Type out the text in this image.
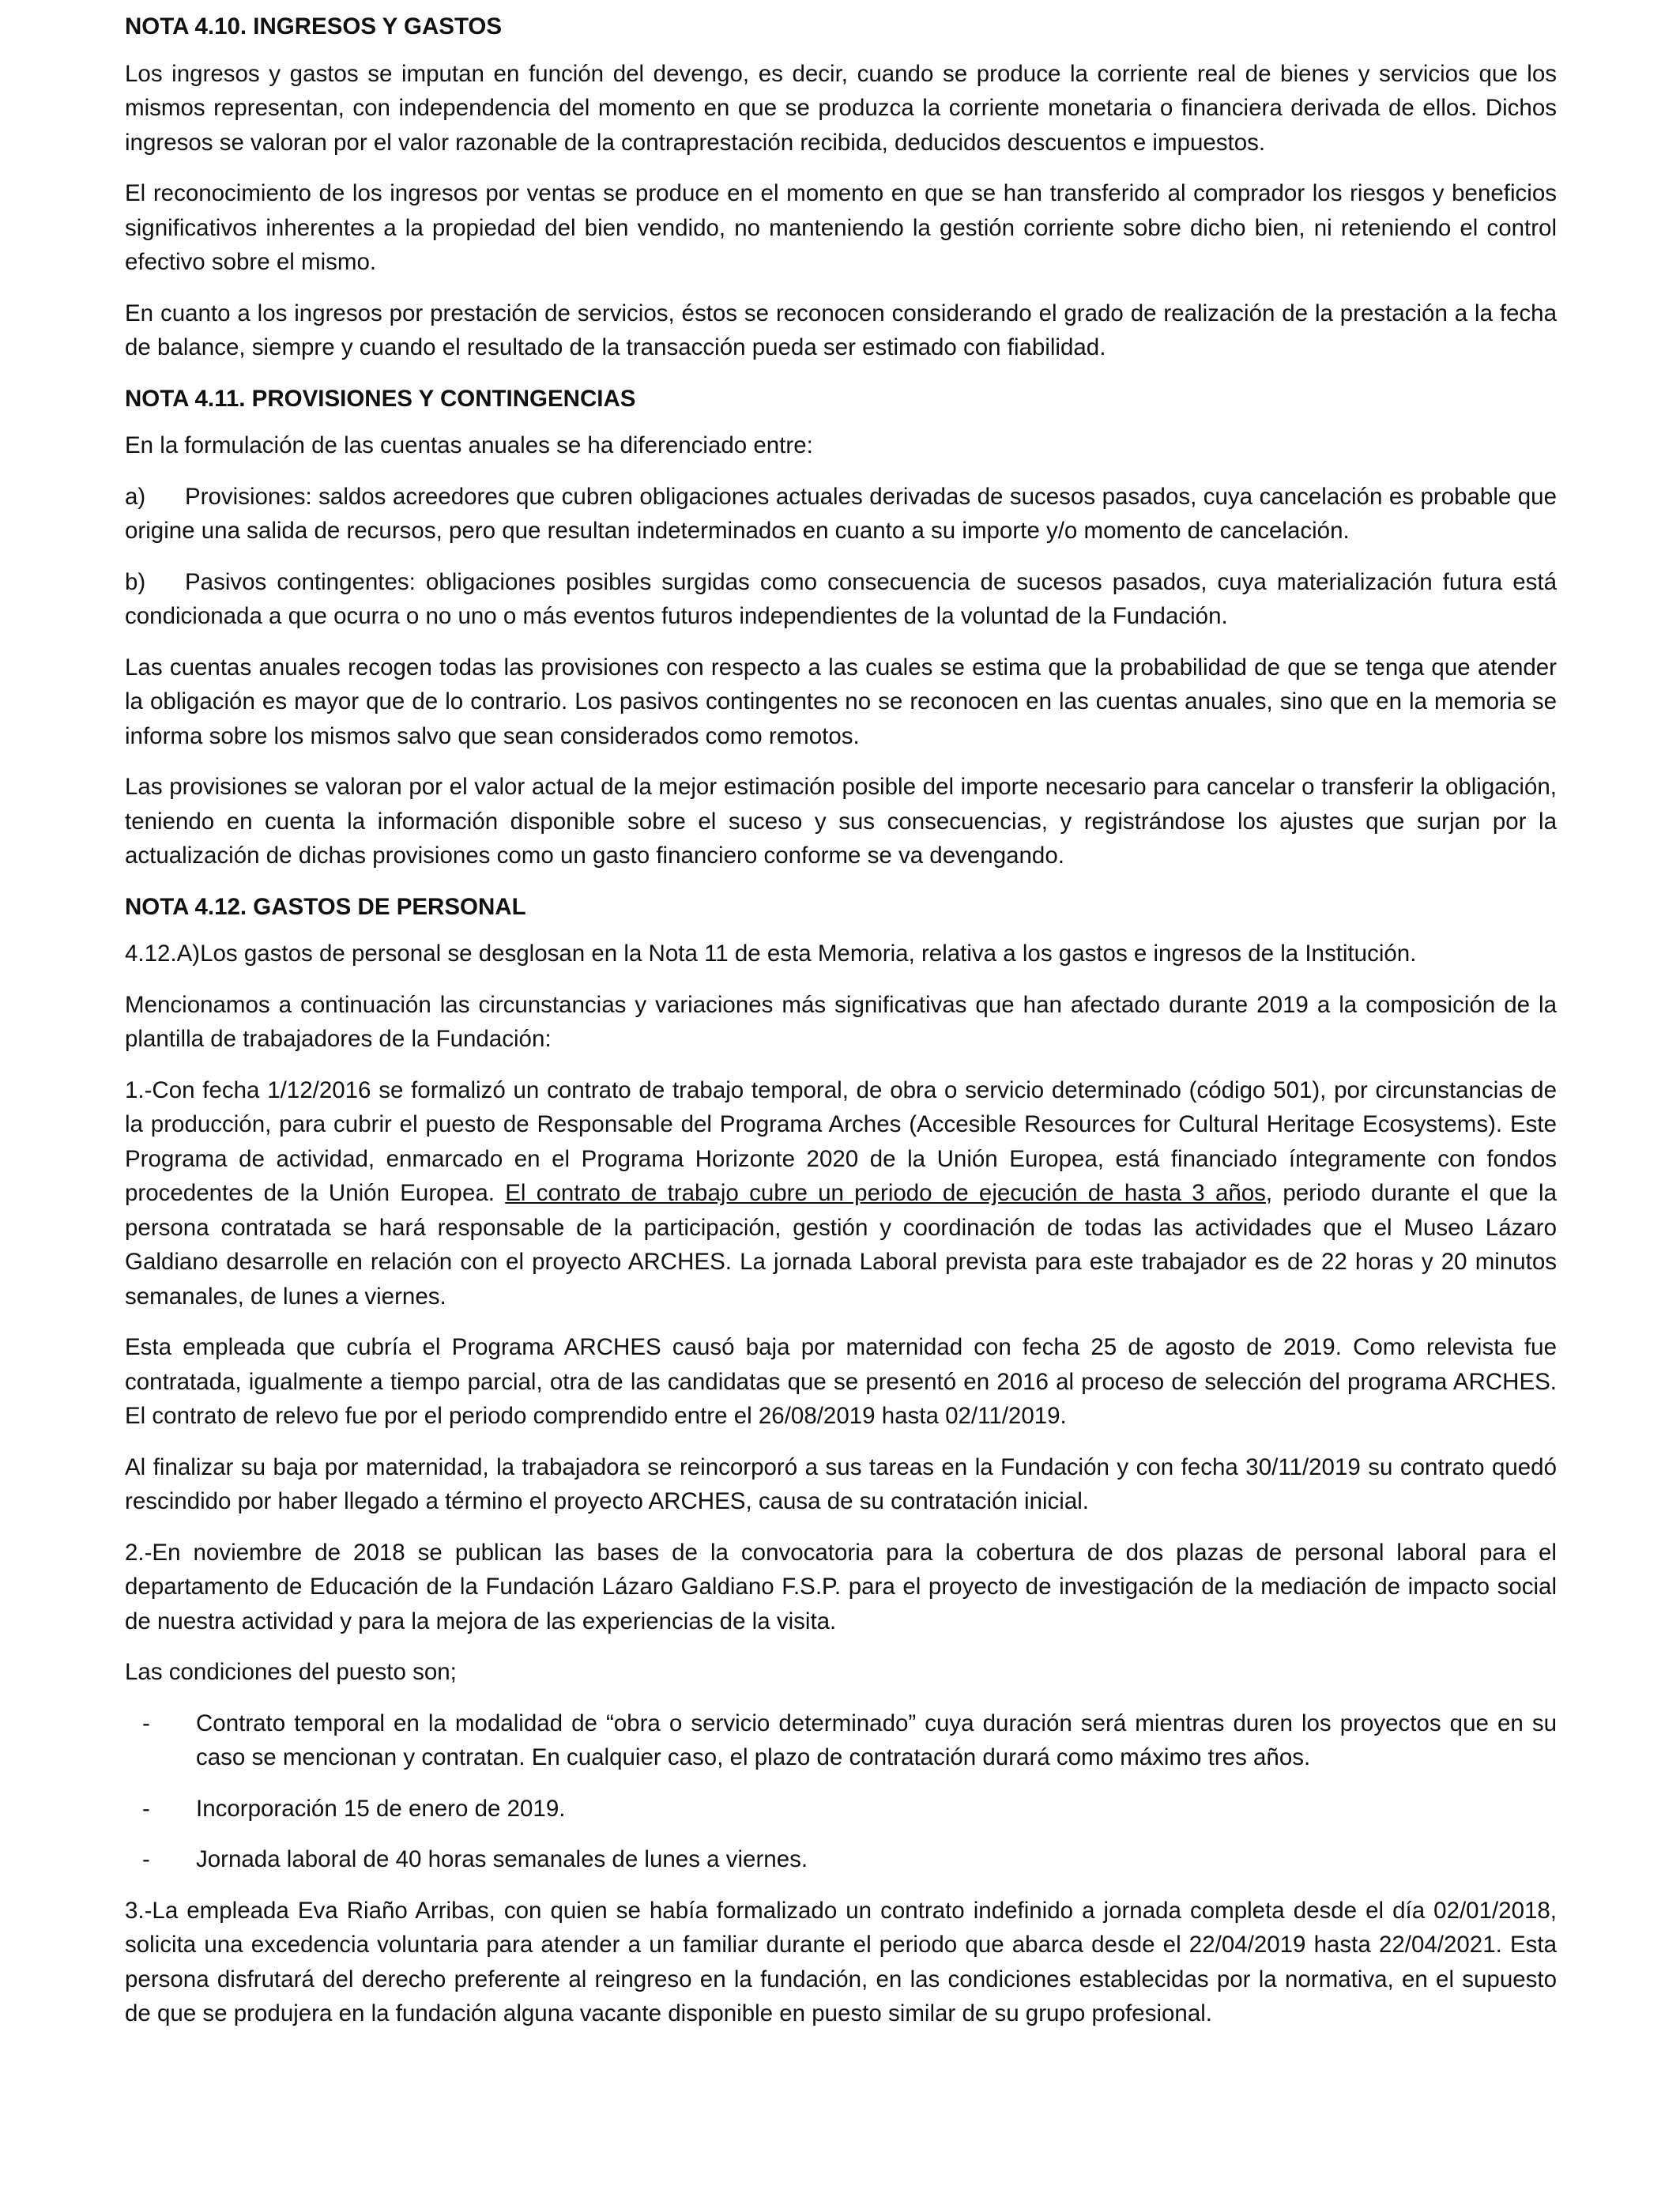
NOTA 4.10. INGRESOS Y GASTOS

Los ingresos y gastos se imputan en función del devengo, es decir, cuando se produce la corriente real de bienes y servicios que los mismos representan, con independencia del momento en que se produzca la corriente monetaria o financiera derivada de ellos. Dichos ingresos se valoran por el valor razonable de la contraprestación recibida, deducidos descuentos e impuestos.

El reconocimiento de los ingresos por ventas se produce en el momento en que se han transferido al comprador los riesgos y beneficios significativos inherentes a la propiedad del bien vendido, no manteniendo la gestión corriente sobre dicho bien, ni reteniendo el control efectivo sobre el mismo.

En cuanto a los ingresos por prestación de servicios, éstos se reconocen considerando el grado de realización de la prestación a la fecha de balance, siempre y cuando el resultado de la transacción pueda ser estimado con fiabilidad.

NOTA 4.11. PROVISIONES Y CONTINGENCIAS

En la formulación de las cuentas anuales se ha diferenciado entre:

a) Provisiones: saldos acreedores que cubren obligaciones actuales derivadas de sucesos pasados, cuya cancelación es probable que origine una salida de recursos, pero que resultan indeterminados en cuanto a su importe y/o momento de cancelación.

b) Pasivos contingentes: obligaciones posibles surgidas como consecuencia de sucesos pasados, cuya materialización futura está condicionada a que ocurra o no uno o más eventos futuros independientes de la voluntad de la Fundación.

Las cuentas anuales recogen todas las provisiones con respecto a las cuales se estima que la probabilidad de que se tenga que atender la obligación es mayor que de lo contrario. Los pasivos contingentes no se reconocen en las cuentas anuales, sino que en la memoria se informa sobre los mismos salvo que sean considerados como remotos.

Las provisiones se valoran por el valor actual de la mejor estimación posible del importe necesario para cancelar o transferir la obligación, teniendo en cuenta la información disponible sobre el suceso y sus consecuencias, y registrándose los ajustes que surjan por la actualización de dichas provisiones como un gasto financiero conforme se va devengando.

NOTA 4.12. GASTOS DE PERSONAL

4.12.A)Los gastos de personal se desglosan en la Nota 11 de esta Memoria, relativa a los gastos e ingresos de la Institución.

Mencionamos a continuación las circunstancias y variaciones más significativas que han afectado durante 2019 a la composición de la plantilla de trabajadores de la Fundación:

1.-Con fecha 1/12/2016 se formalizó un contrato de trabajo temporal, de obra o servicio determinado (código 501), por circunstancias de la producción, para cubrir el puesto de Responsable del Programa Arches (Accesible Resources for Cultural Heritage Ecosystems). Este Programa de actividad, enmarcado en el Programa Horizonte 2020 de la Unión Europea, está financiado íntegramente con fondos procedentes de la Unión Europea. El contrato de trabajo cubre un periodo de ejecución de hasta 3 años, periodo durante el que la persona contratada se hará responsable de la participación, gestión y coordinación de todas las actividades que el Museo Lázaro Galdiano desarrolle en relación con el proyecto ARCHES. La jornada Laboral prevista para este trabajador es de 22 horas y 20 minutos semanales, de lunes a viernes.

Esta empleada que cubría el Programa ARCHES causó baja por maternidad con fecha 25 de agosto de 2019. Como relevista fue contratada, igualmente a tiempo parcial, otra de las candidatas que se presentó en 2016 al proceso de selección del programa ARCHES. El contrato de relevo fue por el periodo comprendido entre el 26/08/2019 hasta 02/11/2019.

Al finalizar su baja por maternidad, la trabajadora se reincorporó a sus tareas en la Fundación y con fecha 30/11/2019 su contrato quedó rescindido por haber llegado a término el proyecto ARCHES, causa de su contratación inicial.

2.-En noviembre de 2018 se publican las bases de la convocatoria para la cobertura de dos plazas de personal laboral para el departamento de Educación de la Fundación Lázaro Galdiano F.S.P. para el proyecto de investigación de la mediación de impacto social de nuestra actividad y para la mejora de las experiencias de la visita.

Las condiciones del puesto son;

- Contrato temporal en la modalidad de “obra o servicio determinado” cuya duración será mientras duren los proyectos que en su caso se mencionan y contratan. En cualquier caso, el plazo de contratación durará como máximo tres años.
- Incorporación 15 de enero de 2019.
- Jornada laboral de 40 horas semanales de lunes a viernes.

3.-La empleada Eva Riaño Arribas, con quien se había formalizado un contrato indefinido a jornada completa desde el día 02/01/2018, solicita una excedencia voluntaria para atender a un familiar durante el periodo que abarca desde el 22/04/2019 hasta 22/04/2021. Esta persona disfrutará del derecho preferente al reingreso en la fundación, en las condiciones establecidas por la normativa, en el supuesto de que se produjera en la fundación alguna vacante disponible en puesto similar de su grupo profesional.
